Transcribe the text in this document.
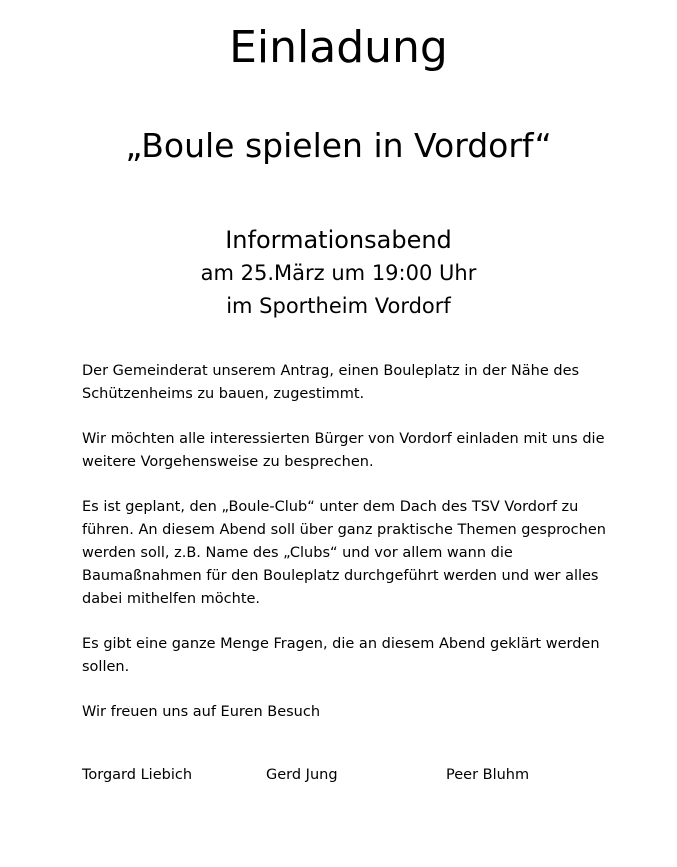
Einladung
„Boule spielen in Vordorf“

Informationsabend

am 25.März um 19:00 Uhr

im Sportheim Vordorf

Der Gemeinderat unserem Antrag, einen Bouleplatz in der Nähe des Schützenheims zu bauen, zugestimmt.

Wir möchten alle interessierten Bürger von Vordorf einladen mit uns die weitere Vorgehensweise zu besprechen.

Es ist geplant, den „Boule-Club“ unter dem Dach des TSV Vordorf zu führen. An diesem Abend soll über ganz praktische Themen gesprochen werden soll, z.B. Name des „Clubs“ und vor allem wann die Baumaßnahmen für den Bouleplatz durchgeführt werden und wer alles dabei mithelfen möchte.

Es gibt eine ganze Menge Fragen, die an diesem Abend geklärt werden sollen.

Wir freuen uns auf Euren Besuch

Torgard Liebich	Gerd Jung	Peer Bluhm
